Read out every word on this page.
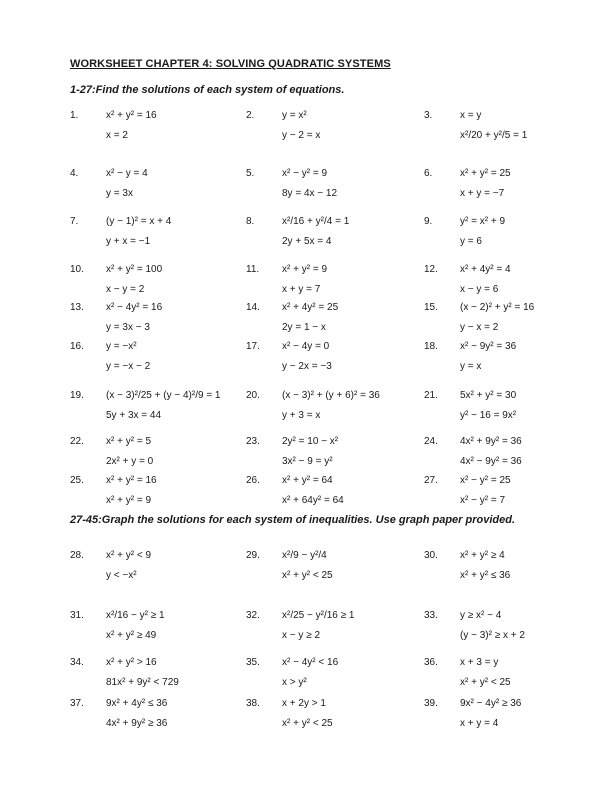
WORKSHEET CHAPTER 4: SOLVING QUADRATIC SYSTEMS

1-27:Find the solutions of each system of equations.

27-45:Graph the solutions for each system of inequalities. Use graph paper provided.

1.	x² + y² = 16
x = 2
2.	y = x²
y − 2 = x
3.	x = y
x²/20 + y²/5 = 1
4.	x² − y = 4
y = 3x
5.	x² − y² = 9
8y = 4x − 12
6.	x² + y² = 25
x + y = −7
7.	(y − 1)² = x + 4
y + x = −1
8.	x²/16 + y²/4 = 1
2y + 5x = 4
9.	y² = x² + 9
y = 6
10. x² + y² = 100
x − y = 2
11. x² + y² = 9
x + y = 7
12. x² + 4y² = 4
x − y = 6
13. x² − 4y² = 16
y = 3x − 3
14. x² + 4y² = 25
2y = 1 − x
15. (x − 2)² + y² = 16
y − x = 2
16. y = −x²
y = −x − 2
17. x² − 4y = 0
y − 2x = −3
18. x² − 9y² = 36
y = x
19. (x − 3)²/25 + (y − 4)²/9 = 1
5y + 3x = 44
20. (x − 3)² + (y + 6)² = 36
y + 3 = x
21. 5x² + y² = 30
y² − 16 = 9x²
22. x² + y² = 5
2x² + y = 0
23. 2y² = 10 − x²
3x² − 9 = y²
24. 4x² + 9y² = 36
4x² − 9y² = 36
25. x² + y² = 16
x² + y² = 9
26. x² + y² = 64
x² + 64y² = 64
27. x² − y² = 25
x² − y² = 7
28. x² + y² < 9
y < −x²
29. x²/9 − y²/4
x² + y² < 25
30. x² + y² ≥ 4
x² + y² ≤ 36
31. x²/16 − y² ≥ 1
x² + y² ≥ 49
32. x²/25 − y²/16 ≥ 1
x − y ≥ 2
33. y ≥ x² − 4
(y − 3)² ≥ x + 2
34. x² + y² > 16
81x² + 9y² < 729
35. x² − 4y² < 16
x > y²
36. x + 3 = y
x² + y² < 25
37. 9x² + 4y² ≤ 36
4x² + 9y² ≥ 36
38. x + 2y > 1
x² + y² < 25
39. 9x² − 4y² ≥ 36
x + y = 4
